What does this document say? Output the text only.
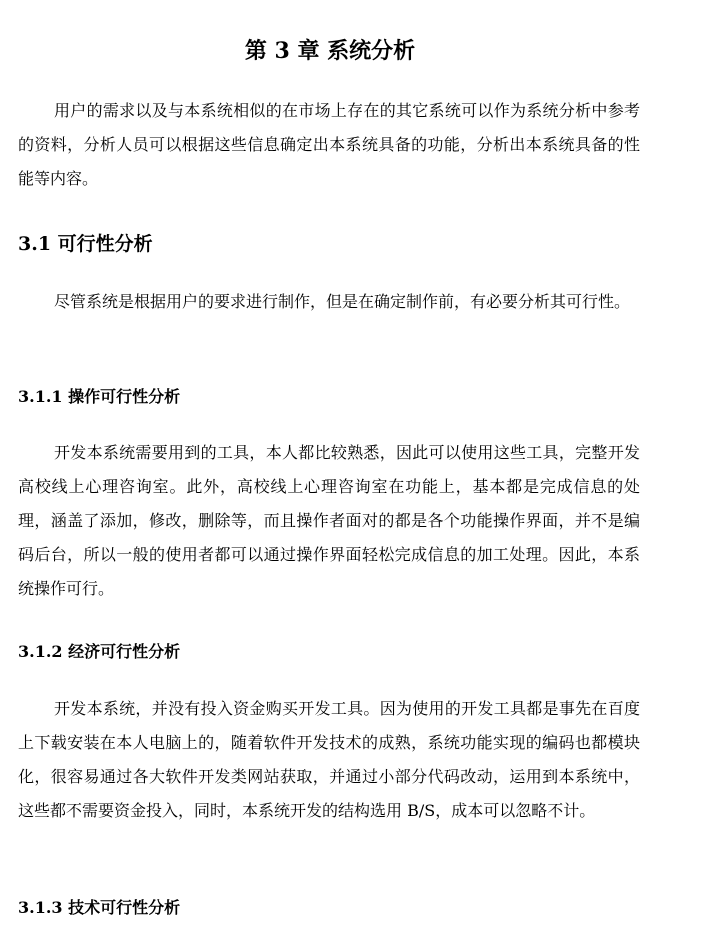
第 3 章 系统分析

用户的需求以及与本系统相似的在市场上存在的其它系统可以作为系统分析中参考的资料，分析人员可以根据这些信息确定出本系统具备的功能，分析出本系统具备的性能等内容。

3.1 可行性分析

尽管系统是根据用户的要求进行制作，但是在确定制作前，有必要分析其可行性。

3.1.1 操作可行性分析

开发本系统需要用到的工具，本人都比较熟悉，因此可以使用这些工具，完整开发高校线上心理咨询室。此外，高校线上心理咨询室在功能上，基本都是完成信息的处理，涵盖了添加，修改，删除等，而且操作者面对的都是各个功能操作界面，并不是编码后台，所以一般的使用者都可以通过操作界面轻松完成信息的加工处理。因此，本系统操作可行。

3.1.2 经济可行性分析

开发本系统，并没有投入资金购买开发工具。因为使用的开发工具都是事先在百度上下载安装在本人电脑上的，随着软件开发技术的成熟，系统功能实现的编码也都模块化，很容易通过各大软件开发类网站获取，并通过小部分代码改动，运用到本系统中，这些都不需要资金投入，同时，本系统开发的结构选用 B/S，成本可以忽略不计。

3.1.3 技术可行性分析
